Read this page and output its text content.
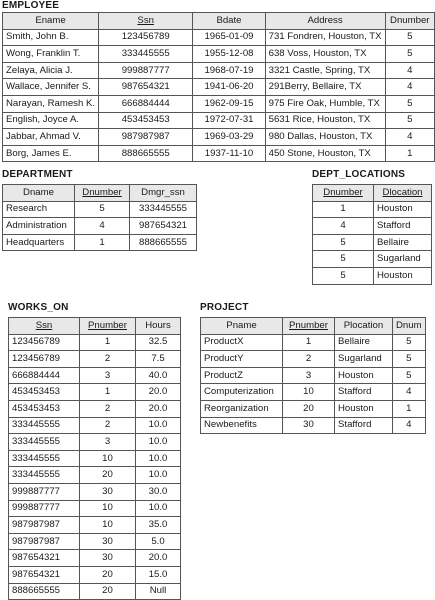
EMPLOYEE
Ename	Ssn	Bdate	Address	Dnumber
Smith, John B.	123456789	1965-01-09	731 Fondren, Houston, TX	5
Wong, Franklin T.	333445555	1955-12-08	638 Voss, Houston, TX	5
Zelaya, Alicia J.	999887777	1968-07-19	3321 Castle, Spring, TX	4
Wallace, Jennifer S.	987654321	1941-06-20	291Berry, Bellaire, TX	4
Narayan, Ramesh K.	666884444	1962-09-15	975 Fire Oak, Humble, TX	5
English, Joyce A.	453453453	1972-07-31	5631 Rice, Houston, TX	5
Jabbar, Ahmad V.	987987987	1969-03-29	980 Dallas, Houston, TX	4
Borg, James E.	888665555	1937-11-10	450 Stone, Houston, TX	1
DEPARTMENT
Dname	Dnumber	Dmgr_ssn
Research	5	333445555
Administration	4	987654321
Headquarters	1	888665555
DEPT_LOCATIONS
Dnumber	Dlocation
1	Houston
4	Stafford
5	Bellaire
5	Sugarland
5	Houston
WORKS_ON
Ssn	Pnumber	Hours
123456789	1	32.5
123456789	2	7.5
666884444	3	40.0
453453453	1	20.0
453453453	2	20.0
333445555	2	10.0
333445555	3	10.0
333445555	10	10.0
333445555	20	10.0
999887777	30	30.0
999887777	10	10.0
987987987	10	35.0
987987987	30	5.0
987654321	30	20.0
987654321	20	15.0
888665555	20	Null
PROJECT
Pname	Pnumber	Plocation	Dnum
ProductX	1	Bellaire	5
ProductY	2	Sugarland	5
ProductZ	3	Houston	5
Computerization	10	Stafford	4
Reorganization	20	Houston	1
Newbenefits	30	Stafford	4
